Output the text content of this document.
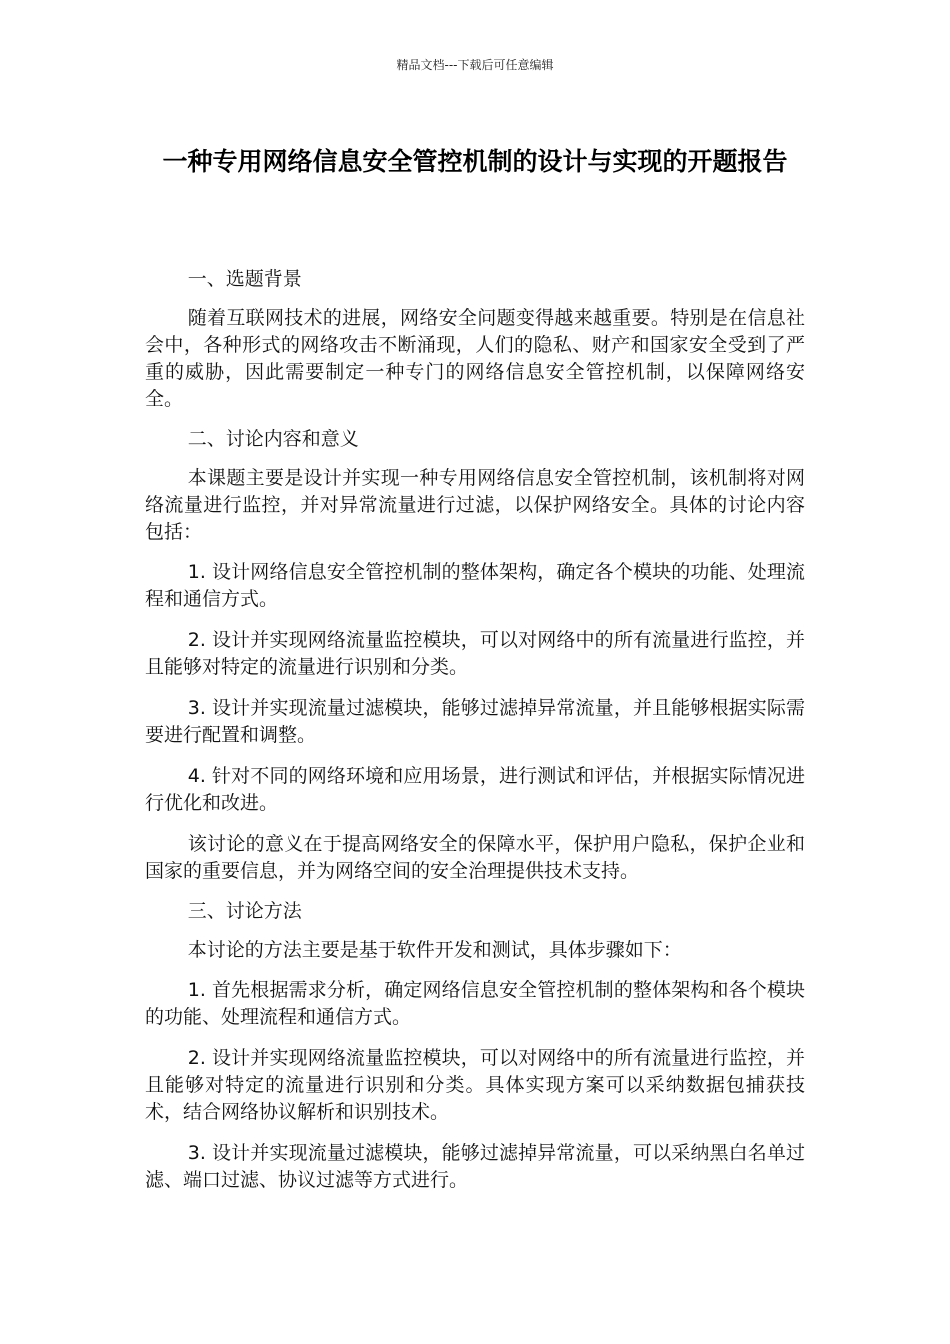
精品文档---下载后可任意编辑
一种专用网络信息安全管控机制的设计与实现的开题报告

一、选题背景

随着互联网技术的进展，网络安全问题变得越来越重要。特别是在信息社会中，各种形式的网络攻击不断涌现，人们的隐私、财产和国家安全受到了严重的威胁，因此需要制定一种专门的网络信息安全管控机制，以保障网络安全。

二、讨论内容和意义

本课题主要是设计并实现一种专用网络信息安全管控机制，该机制将对网络流量进行监控，并对异常流量进行过滤，以保护网络安全。具体的讨论内容包括：

1. 设计网络信息安全管控机制的整体架构，确定各个模块的功能、处理流程和通信方式。

2. 设计并实现网络流量监控模块，可以对网络中的所有流量进行监控，并且能够对特定的流量进行识别和分类。

3. 设计并实现流量过滤模块，能够过滤掉异常流量，并且能够根据实际需要进行配置和调整。

4. 针对不同的网络环境和应用场景，进行测试和评估，并根据实际情况进行优化和改进。

该讨论的意义在于提高网络安全的保障水平，保护用户隐私，保护企业和国家的重要信息，并为网络空间的安全治理提供技术支持。

三、讨论方法

本讨论的方法主要是基于软件开发和测试，具体步骤如下：

1. 首先根据需求分析，确定网络信息安全管控机制的整体架构和各个模块的功能、处理流程和通信方式。

2. 设计并实现网络流量监控模块，可以对网络中的所有流量进行监控，并且能够对特定的流量进行识别和分类。具体实现方案可以采纳数据包捕获技术，结合网络协议解析和识别技术。

3. 设计并实现流量过滤模块，能够过滤掉异常流量，可以采纳黑白名单过滤、端口过滤、协议过滤等方式进行。
